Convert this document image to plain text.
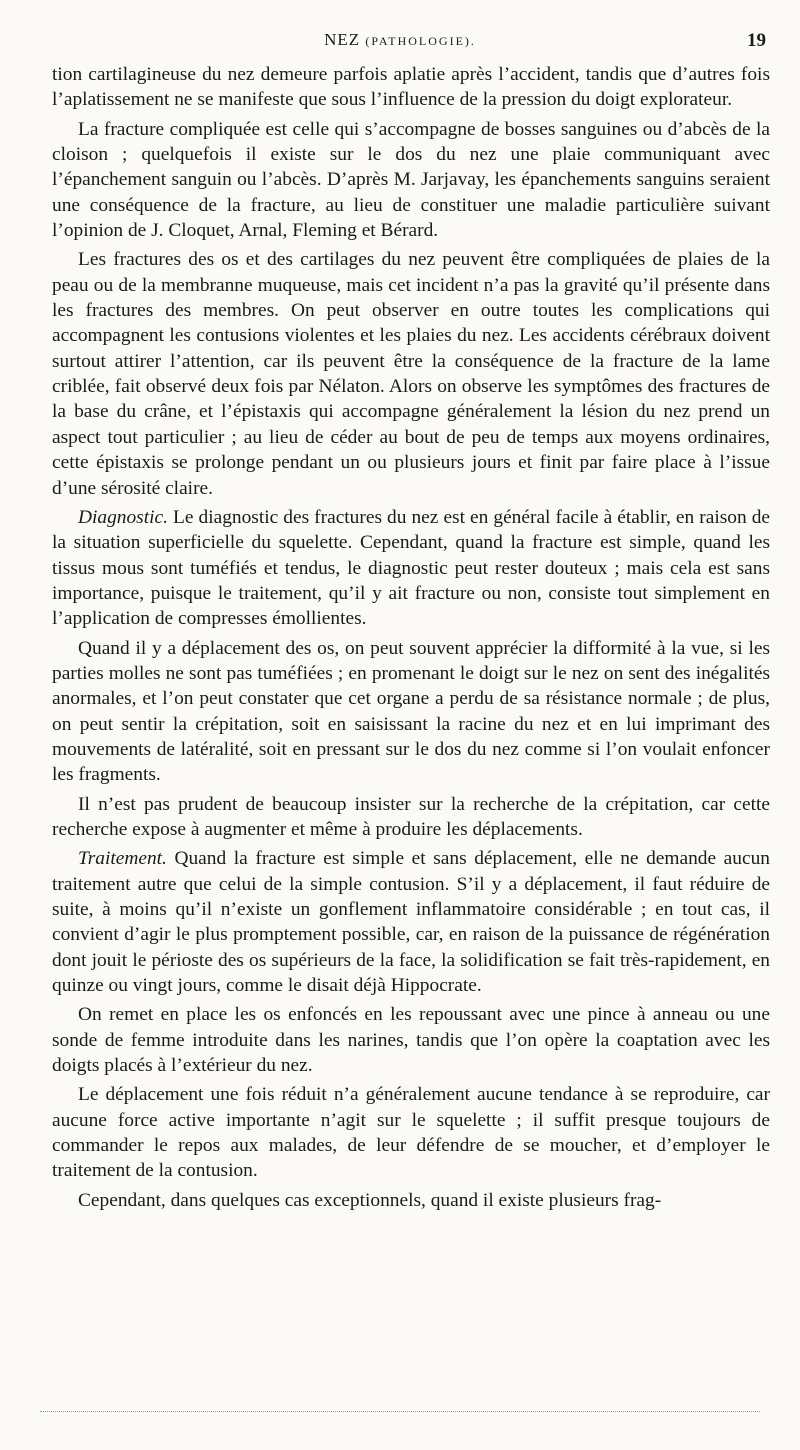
NEZ (PATHOLOGIE).	19

tion cartilagineuse du nez demeure parfois aplatie après l’accident, tandis que d’autres fois l’aplatissement ne se manifeste que sous l’influence de la pression du doigt explorateur.

La fracture compliquée est celle qui s’accompagne de bosses sanguines ou d’abcès de la cloison ; quelquefois il existe sur le dos du nez une plaie communiquant avec l’épanchement sanguin ou l’abcès. D’après M. Jarjavay, les épanchements sanguins seraient une conséquence de la fracture, au lieu de constituer une maladie particulière suivant l’opinion de J. Cloquet, Arnal, Fleming et Bérard.

Les fractures des os et des cartilages du nez peuvent être compliquées de plaies de la peau ou de la membranne muqueuse, mais cet incident n’a pas la gravité qu’il présente dans les fractures des membres. On peut observer en outre toutes les complications qui accompagnent les contusions violentes et les plaies du nez. Les accidents cérébraux doivent surtout attirer l’attention, car ils peuvent être la conséquence de la fracture de la lame criblée, fait observé deux fois par Nélaton. Alors on observe les symptômes des fractures de la base du crâne, et l’épistaxis qui accompagne généralement la lésion du nez prend un aspect tout particulier ; au lieu de céder au bout de peu de temps aux moyens ordinaires, cette épistaxis se prolonge pendant un ou plusieurs jours et finit par faire place à l’issue d’une sérosité claire.

Diagnostic. Le diagnostic des fractures du nez est en général facile à établir, en raison de la situation superficielle du squelette. Cependant, quand la fracture est simple, quand les tissus mous sont tuméfiés et tendus, le diagnostic peut rester douteux ; mais cela est sans importance, puisque le traitement, qu’il y ait fracture ou non, consiste tout simplement en l’application de compresses émollientes.

Quand il y a déplacement des os, on peut souvent apprécier la difformité à la vue, si les parties molles ne sont pas tuméfiées ; en promenant le doigt sur le nez on sent des inégalités anormales, et l’on peut constater que cet organe a perdu de sa résistance normale ; de plus, on peut sentir la crépitation, soit en saisissant la racine du nez et en lui imprimant des mouvements de latéralité, soit en pressant sur le dos du nez comme si l’on voulait enfoncer les fragments.

Il n’est pas prudent de beaucoup insister sur la recherche de la crépitation, car cette recherche expose à augmenter et même à produire les déplacements.

Traitement. Quand la fracture est simple et sans déplacement, elle ne demande aucun traitement autre que celui de la simple contusion. S’il y a déplacement, il faut réduire de suite, à moins qu’il n’existe un gonflement inflammatoire considérable ; en tout cas, il convient d’agir le plus promptement possible, car, en raison de la puissance de régénération dont jouit le périoste des os supérieurs de la face, la solidification se fait très-rapidement, en quinze ou vingt jours, comme le disait déjà Hippocrate.

On remet en place les os enfoncés en les repoussant avec une pince à anneau ou une sonde de femme introduite dans les narines, tandis que l’on opère la coaptation avec les doigts placés à l’extérieur du nez.

Le déplacement une fois réduit n’a généralement aucune tendance à se reproduire, car aucune force active importante n’agit sur le squelette ; il suffit presque toujours de commander le repos aux malades, de leur défendre de se moucher, et d’employer le traitement de la contusion.

Cependant, dans quelques cas exceptionnels, quand il existe plusieurs frag-
